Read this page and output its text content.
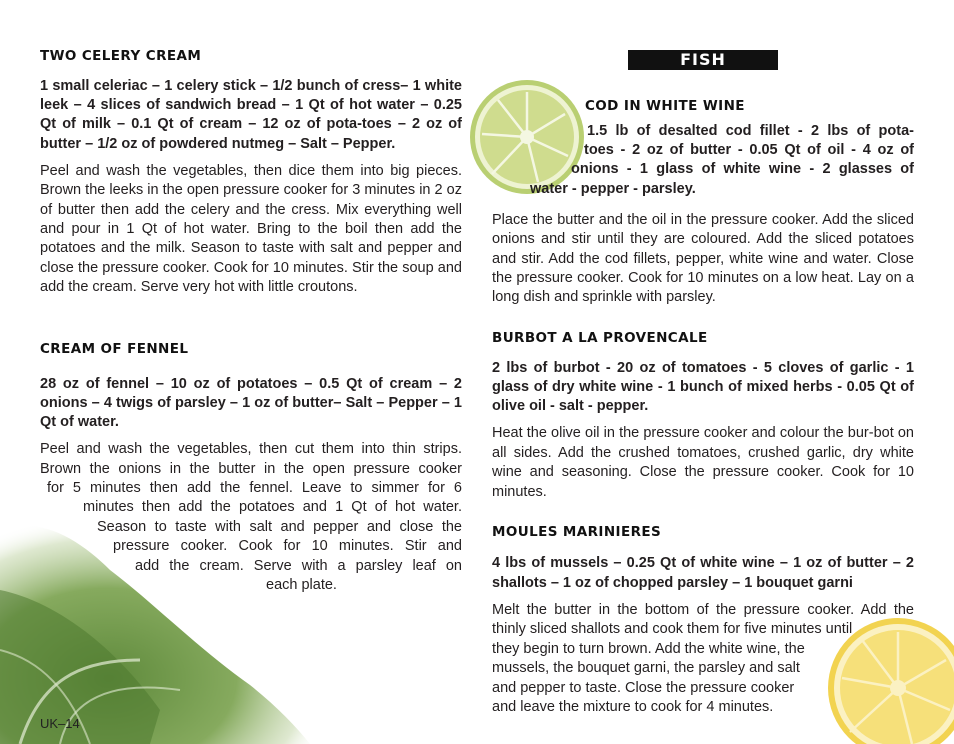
TWO CELERY CREAM

1 small celeriac – 1 celery stick – 1/2 bunch of cress– 1 white leek – 4 slices of sandwich bread – 1 Qt of hot water – 0.25 Qt of milk – 0.1 Qt of cream – 12 oz of pota-toes – 2 oz of butter – 1/2 oz of powdered nutmeg – Salt – Pepper.

Peel and wash the vegetables, then dice them into big pieces. Brown the leeks in the open pressure cooker for 3 minutes in 2 oz of butter then add the celery and the cress. Mix everything well and pour in 1 Qt of hot water. Bring to the boil then add the potatoes and the milk. Season to taste with salt and pepper and close the pressure cooker. Cook for 10 minutes. Stir the soup and add the cream. Serve very hot with little croutons.

CREAM OF FENNEL

28 oz of fennel – 10 oz of potatoes – 0.5 Qt of cream – 2 onions – 4 twigs of parsley – 1 oz of butter– Salt – Pepper – 1 Qt of water.

Peel and wash the vegetables, then cut them into thin strips.
Brown the onions in the butter in the open pressure cooker
for 5 minutes then add the fennel. Leave to simmer for 6
minutes then add the potatoes and 1 Qt of hot water.
Season to taste with salt and pepper and close the
pressure cooker. Cook for 10 minutes. Stir and
add the cream. Serve with a parsley leaf on
each plate.
FISH
COD IN WHITE WINE
1.5 lb of desalted cod fillet - 2 lbs of pota-
toes - 2 oz of butter - 0.05 Qt of oil - 4 oz of
onions - 1 glass of white wine - 2 glasses of
water - pepper - parsley.

Place the butter and the oil in the pressure cooker. Add the sliced onions and stir until they are coloured. Add the sliced potatoes and stir. Add the cod fillets, pepper, white wine and water. Close the pressure cooker. Cook for 10 minutes on a low heat. Lay on a long dish and sprinkle with parsley.

BURBOT A LA PROVENCALE

2 lbs of burbot - 20 oz of tomatoes - 5 cloves of garlic - 1 glass of dry white wine - 1 bunch of mixed herbs - 0.05 Qt of olive oil - salt - pepper.

Heat the olive oil in the pressure cooker and colour the bur-bot on all sides. Add the crushed tomatoes, crushed garlic, dry white wine and seasoning. Close the pressure cooker. Cook for 10 minutes.

MOULES MARINIERES

4 lbs of mussels – 0.25 Qt of white wine – 1 oz of butter – 2 shallots – 1 oz of chopped parsley – 1 bouquet garni

Melt the butter in the bottom of the pressure cooker. Add the
thinly sliced shallots and cook them for five minutes until
they begin to turn brown. Add the white wine, the
mussels, the bouquet garni, the parsley and salt
and pepper to taste. Close the pressure cooker
and leave the mixture to cook for 4 minutes.
UK–14
